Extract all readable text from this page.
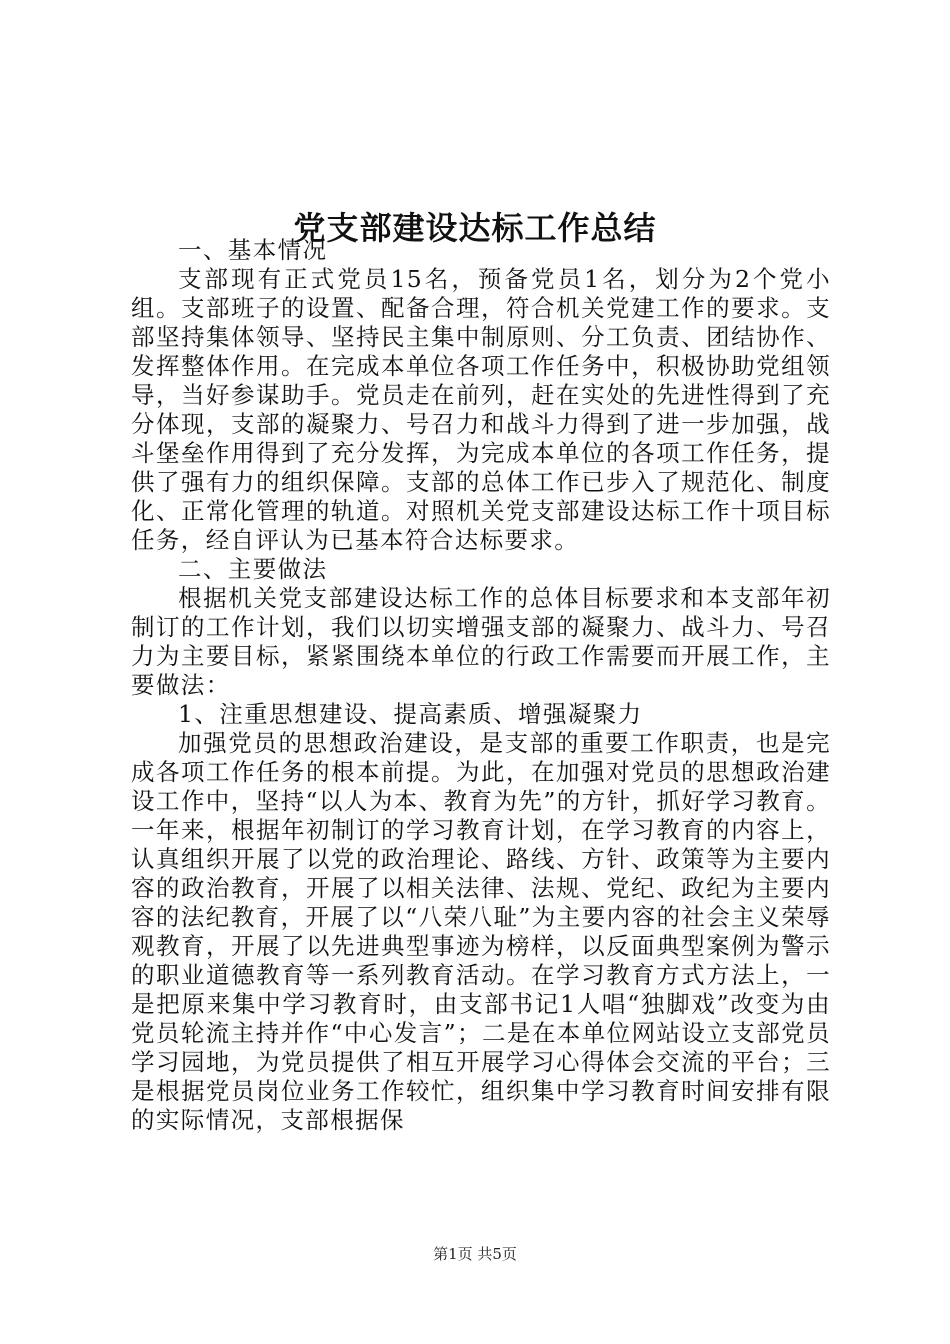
党支部建设达标工作总结

一、基本情况

支部现有正式党员15名，预备党员1名，划分为2个党小组。支部班子的设置、配备合理，符合机关党建工作的要求。支部坚持集体领导、坚持民主集中制原则、分工负责、团结协作、发挥整体作用。在完成本单位各项工作任务中，积极协助党组领导，当好参谋助手。党员走在前列，赶在实处的先进性得到了充分体现，支部的凝聚力、号召力和战斗力得到了进一步加强，战斗堡垒作用得到了充分发挥，为完成本单位的各项工作任务，提供了强有力的组织保障。支部的总体工作已步入了规范化、制度化、正常化管理的轨道。对照机关党支部建设达标工作十项目标任务，经自评认为已基本符合达标要求。

二、主要做法

根据机关党支部建设达标工作的总体目标要求和本支部年初制订的工作计划，我们以切实增强支部的凝聚力、战斗力、号召力为主要目标，紧紧围绕本单位的行政工作需要而开展工作，主要做法：

1、注重思想建设、提高素质、增强凝聚力

加强党员的思想政治建设，是支部的重要工作职责，也是完成各项工作任务的根本前提。为此，在加强对党员的思想政治建设工作中，坚持“以人为本、教育为先”的方针，抓好学习教育。一年来，根据年初制订的学习教育计划，在学习教育的内容上，认真组织开展了以党的政治理论、路线、方针、政策等为主要内容的政治教育，开展了以相关法律、法规、党纪、政纪为主要内容的法纪教育，开展了以“八荣八耻”为主要内容的社会主义荣辱观教育，开展了以先进典型事迹为榜样，以反面典型案例为警示的职业道德教育等一系列教育活动。在学习教育方式方法上，一是把原来集中学习教育时，由支部书记1人唱“独脚戏”改变为由党员轮流主持并作“中心发言”；二是在本单位网站设立支部党员学习园地，为党员提供了相互开展学习心得体会交流的平台；三是根据党员岗位业务工作较忙，组织集中学习教育时间安排有限的实际情况，支部根据保

第1页 共5页
